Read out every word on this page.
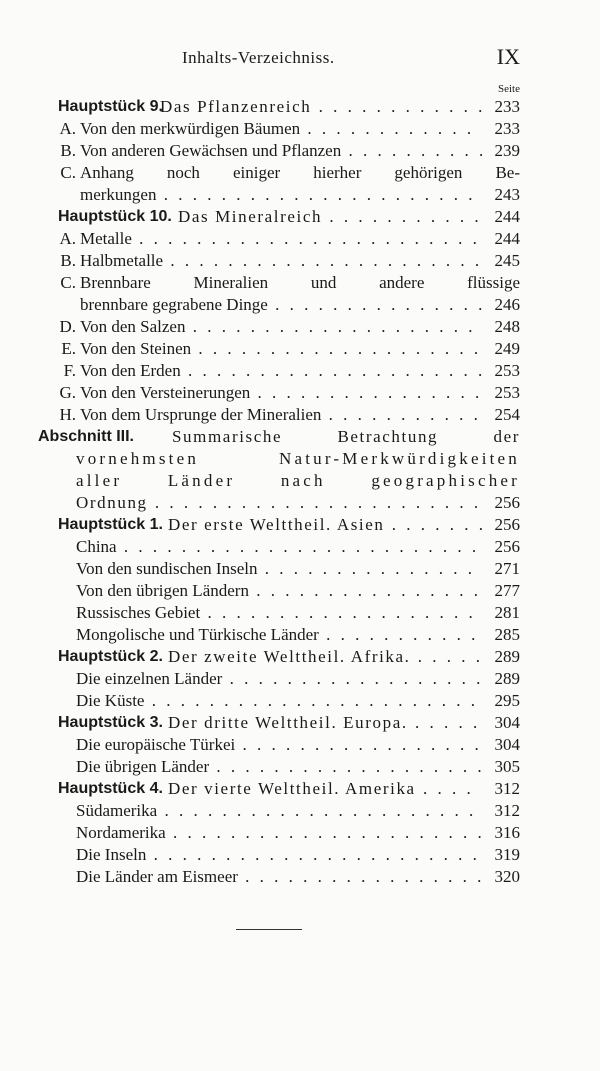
Inhalts-Verzeichniss.	IX
Seite
Hauptstück 9.
Das Pflanzenreich . . .	233
A. Von den merkwürdigen Bäumen . . .	233
B. Von anderen Gewächsen und Pflanzen . . .	239
C. Anhang noch einiger hierher gehörigen Be-
merkungen . . .	243
Hauptstück 10. Das Mineralreich . . .	244
A. Metalle . . .	244
B. Halbmetalle . . .	245
C. Brennbare Mineralien und andere flüssige
brennbare gegrabene Dinge . . .	246
D. Von den Salzen . . .	248
E. Von den Steinen . . .	249
F. Von den Erden . . .	253
G. Von den Versteinerungen . . .	253
H. Von dem Ursprunge der Mineralien . . .	254
Abschnitt III. Summarische Betrachtung der
vornehmsten Natur-Merkwürdigkeiten
aller Länder nach geographischer
Ordnung . . .	256
Hauptstück 1. Der erste Welttheil. Asien . . .	256
China . . .	256
Von den sundischen Inseln . . .	271
Von den übrigen Ländern . . .	277
Russisches Gebiet . . .	281
Mongolische und Türkische Länder . . .	285
Hauptstück 2. Der zweite Welttheil. Afrika. . . .	289
Die einzelnen Länder . . .	289
Die Küste . . .	295
Hauptstück 3. Der dritte Welttheil. Europa. . . .	304
Die europäische Türkei . . .	304
Die übrigen Länder . . .	305
Hauptstück 4. Der vierte Welttheil. Amerika . . .	312
Südamerika . . .	312
Nordamerika . . .	316
Die Inseln . . .	319
Die Länder am Eismeer . . .	320
